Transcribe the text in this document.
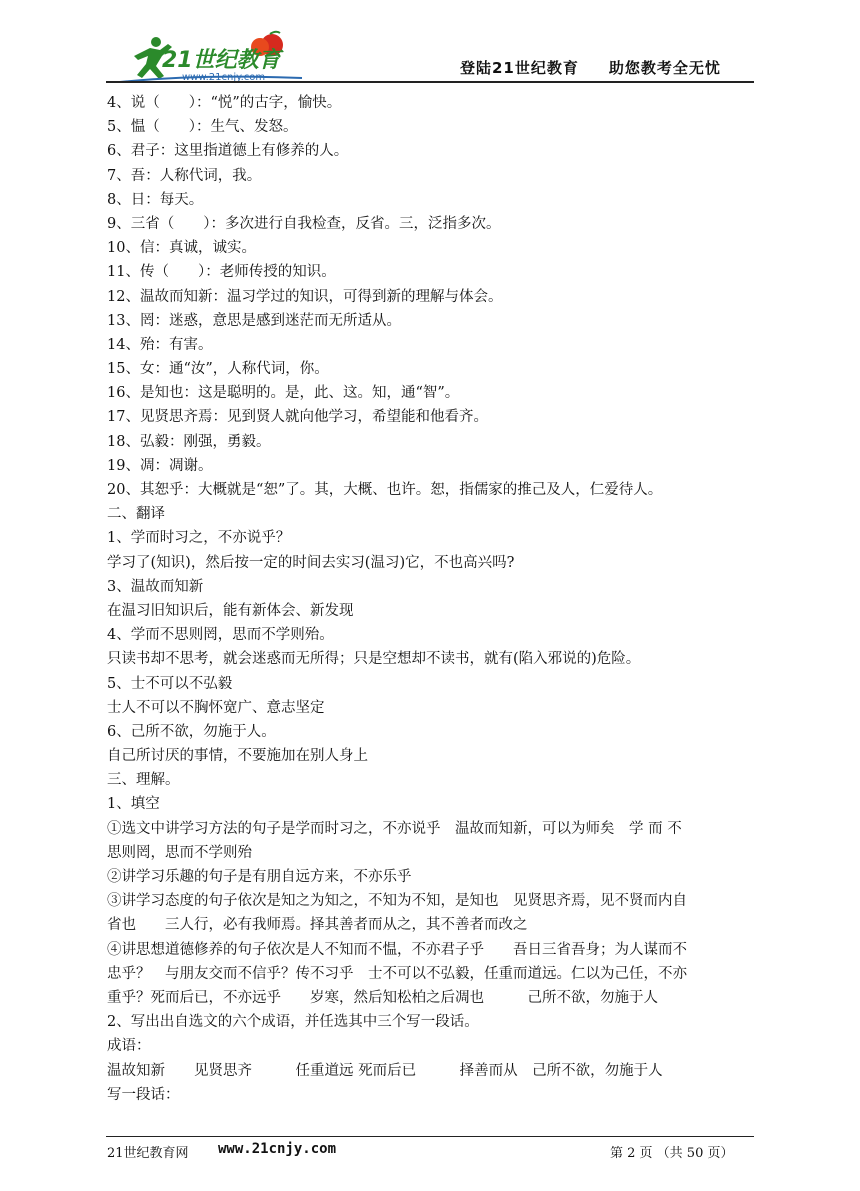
21世纪教育
www.21cnjy.com
登陆21世纪教育 助您教考全无忧
4、说（　　）：“悦”的古字，愉快。
5、愠（　　）：生气、发怒。
6、君子：这里指道德上有修养的人。
7、吾：人称代词，我。
8、日：每天。
9、三省（　　）：多次进行自我检查，反省。三，泛指多次。
10、信：真诚，诚实。
11、传（　　）：老师传授的知识。
12、温故而知新：温习学过的知识，可得到新的理解与体会。
13、罔：迷惑，意思是感到迷茫而无所适从。
14、殆：有害。
15、女：通“汝”，人称代词，你。
16、是知也：这是聪明的。是，此、这。知，通“智”。
17、见贤思齐焉：见到贤人就向他学习，希望能和他看齐。
18、弘毅：刚强，勇毅。
19、凋：凋谢。
20、其恕乎：大概就是“恕”了。其，大概、也许。恕，指儒家的推己及人，仁爱待人。
二、翻译
1、学而时习之，不亦说乎？
学习了(知识)，然后按一定的时间去实习(温习)它，不也高兴吗?
3、温故而知新
在温习旧知识后，能有新体会、新发现
4、学而不思则罔，思而不学则殆。
只读书却不思考，就会迷惑而无所得；只是空想却不读书，就有(陷入邪说的)危险。
5、士不可以不弘毅
士人不可以不胸怀宽广、意志坚定
6、己所不欲，勿施于人。
自己所讨厌的事情，不要施加在别人身上
三、理解。
1、填空
①选文中讲学习方法的句子是学而时习之，不亦说乎　温故而知新，可以为师矣　学 而 不
思则罔，思而不学则殆
②讲学习乐趣的句子是有朋自远方来，不亦乐乎
③讲学习态度的句子依次是知之为知之，不知为不知，是知也　见贤思齐焉，见不贤而内自
省也　　三人行，必有我师焉。择其善者而从之，其不善者而改之
④讲思想道德修养的句子依次是人不知而不愠，不亦君子乎　　吾日三省吾身；为人谋而不
忠乎？　与朋友交而不信乎？传不习乎　士不可以不弘毅，任重而道远。仁以为己任，不亦
重乎？死而后已，不亦远乎　　岁寒，然后知松柏之后凋也　　　己所不欲，勿施于人
2、写出出自选文的六个成语，并任选其中三个写一段话。
成语：
温故知新　　见贤思齐　　　任重道远 死而后已　　　择善而从　己所不欲，勿施于人
写一段话：
21世纪教育网 www.21cnjy.com	第 2 页 （共 50 页）
